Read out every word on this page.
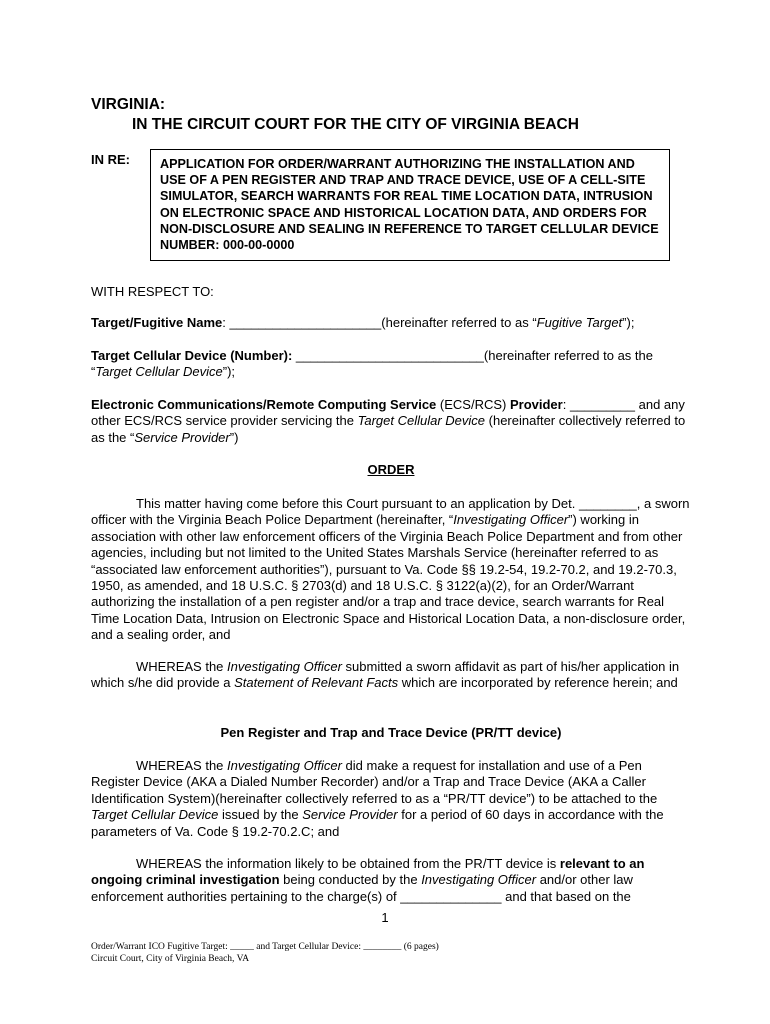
VIRGINIA:
IN THE CIRCUIT COURT FOR THE CITY OF VIRGINIA BEACH
IN RE:	APPLICATION FOR ORDER/WARRANT AUTHORIZING THE INSTALLATION AND USE OF A PEN REGISTER AND TRAP AND TRACE DEVICE, USE OF A CELL-SITE SIMULATOR, SEARCH WARRANTS FOR REAL TIME LOCATION DATA, INTRUSION ON ELECTRONIC SPACE AND HISTORICAL LOCATION DATA, AND ORDERS FOR NON-DISCLOSURE AND SEALING IN REFERENCE TO TARGET CELLULAR DEVICE NUMBER: 000-00-0000
WITH RESPECT TO:
Target/Fugitive Name: _____________________(hereinafter referred to as “Fugitive Target”);
Target Cellular Device (Number): __________________________(hereinafter referred to as the “Target Cellular Device”);
Electronic Communications/Remote Computing Service (ECS/RCS) Provider: _________ and any other ECS/RCS service provider servicing the Target Cellular Device (hereinafter collectively referred to as the “Service Provider”)
ORDER
This matter having come before this Court pursuant to an application by Det. ________, a sworn officer with the Virginia Beach Police Department (hereinafter, “Investigating Officer”) working in association with other law enforcement officers of the Virginia Beach Police Department and from other agencies, including but not limited to the United States Marshals Service (hereinafter referred to as “associated law enforcement authorities”), pursuant to Va. Code §§ 19.2-54, 19.2-70.2, and 19.2-70.3, 1950, as amended, and 18 U.S.C. § 2703(d) and 18 U.S.C. § 3122(a)(2), for an Order/Warrant authorizing the installation of a pen register and/or a trap and trace device, search warrants for Real Time Location Data, Intrusion on Electronic Space and Historical Location Data, a non-disclosure order, and a sealing order, and
WHEREAS the Investigating Officer submitted a sworn affidavit as part of his/her application in which s/he did provide a Statement of Relevant Facts which are incorporated by reference herein; and
Pen Register and Trap and Trace Device (PR/TT device)
WHEREAS the Investigating Officer did make a request for installation and use of a Pen Register Device (AKA a Dialed Number Recorder) and/or a Trap and Trace Device (AKA a Caller Identification System)(hereinafter collectively referred to as a “PR/TT device”) to be attached to the Target Cellular Device issued by the Service Provider for a period of 60 days in accordance with the parameters of Va. Code § 19.2-70.2.C; and
WHEREAS the information likely to be obtained from the PR/TT device is relevant to an ongoing criminal investigation being conducted by the Investigating Officer and/or other law enforcement authorities pertaining to the charge(s) of ______________ and that based on the
1
Order/Warrant ICO Fugitive Target: _____ and Target Cellular Device: ________ (6 pages)
Circuit Court, City of Virginia Beach, VA
